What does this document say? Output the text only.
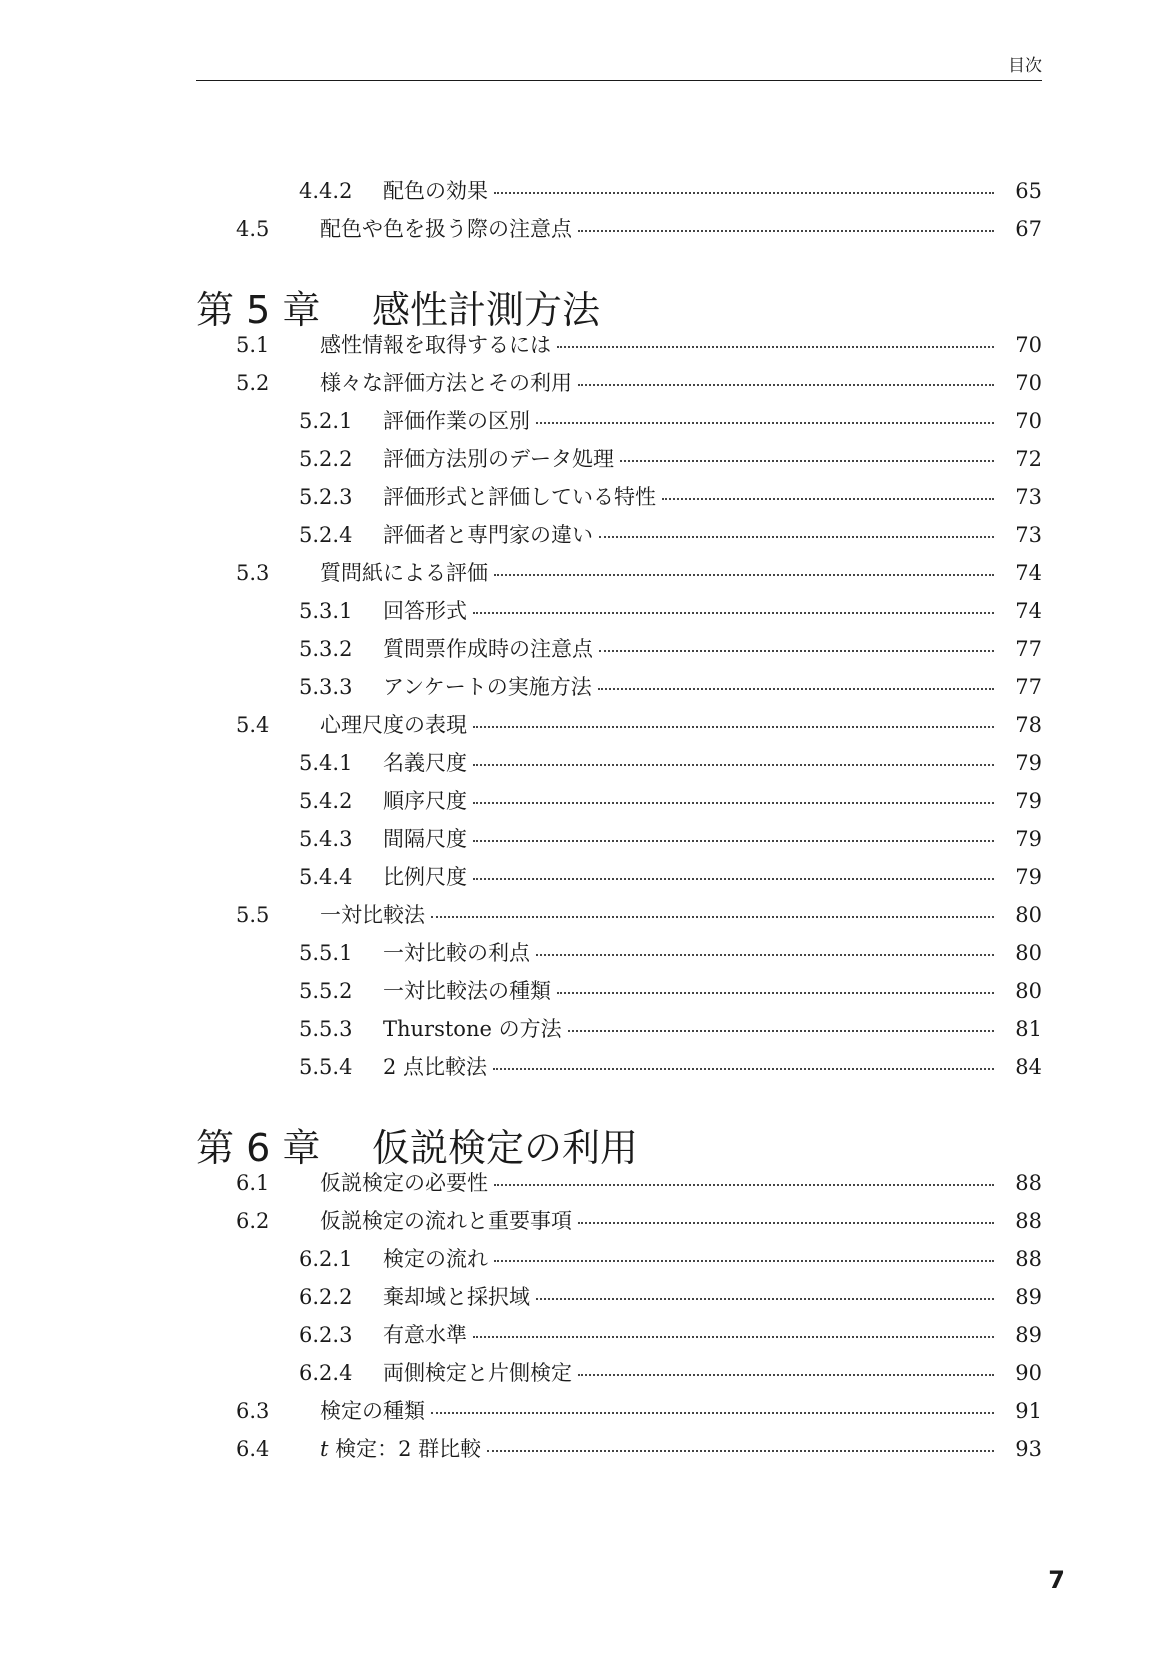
目次
4.4.2 配色の効果	65
4.5 配色や色を扱う際の注意点	67
第 5 章 感性計測方法
5.1 感性情報を取得するには	70
5.2 様々な評価方法とその利用	70
5.2.1 評価作業の区別	70
5.2.2 評価方法別のデータ処理	72
5.2.3 評価形式と評価している特性	73
5.2.4 評価者と専門家の違い	73
5.3 質問紙による評価	74
5.3.1 回答形式	74
5.3.2 質問票作成時の注意点	77
5.3.3 アンケートの実施方法	77
5.4 心理尺度の表現	78
5.4.1 名義尺度	79
5.4.2 順序尺度	79
5.4.3 間隔尺度	79
5.4.4 比例尺度	79
5.5 一対比較法	80
5.5.1 一対比較の利点	80
5.5.2 一対比較法の種類	80
5.5.3 Thurstone の方法	81
5.5.4 2 点比較法	84
第 6 章 仮説検定の利用
6.1 仮説検定の必要性	88
6.2 仮説検定の流れと重要事項	88
6.2.1 検定の流れ	88
6.2.2 棄却域と採択域	89
6.2.3 有意水準	89
6.2.4 両側検定と片側検定	90
6.3 検定の種類	91
6.4 t 検定：2 群比較	93
7
